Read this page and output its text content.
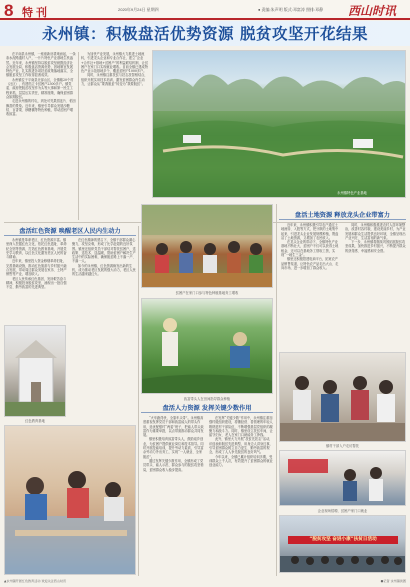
8 特刊	2020年9月24日 星期四	● 责编:朱声明 版式:邓富涛 照排:邓静 西山时讯
永州镇：积极盘活优势资源 脱贫攻坚开花结果

在平南县永州镇，一座座新房拔地而起，一条条水泥路通村入户，一片片特色产业基地生机盎然。近年来，永州镇坚持以脱贫攻坚统揽经济社会发展全局，积极盘活资源优势，因地制宜发展特色产业，扎实推进各项扶贫政策落地落实，全镇脱贫攻坚工作取得显著成效。

永州镇位于平南县北部山区，全镇辖20个村（社区），有建档立卡贫困户2300多户。镇党委、政府把脱贫攻坚作为头等大事和第一民生工程来抓，层层压实责任，精准施策，确保贫困群众如期脱贫。

走进永州镇的村屯，到处可见果园连片、稻田飘香的景象。近年来，镇里引导群众发展沙糖桔、百香果、砂糖橘等特色种植，带动贫困户增收致富。

为加快产业发展，永州镇大力推进土地流转，引进龙头企业和专业合作社，建立“企业+合作社+基地+贫困户”的利益联结机制，让贫困户在家门口实现就业增收。目前全镇已建成特色产业示范基地多个，覆盖贫困户1000多户。

同时，永州镇注重扶贫与扶志扶智相结合，组织开展实用技术培训，激发贫困群众内生动力，让群众从“要我脱贫”转变为“我要脱贫”。

永州镇特色产业基地
盘活红色资源 唤醒老区人民内生动力

永州镇是革命老区，红色资源丰富。镇里深入挖掘红色文化，依托红色遗址、革命纪念馆等资源，打造红色教育基地，开展党史学习教育，以红色文化激发老区人民的奋斗精神。

近年来，镇里投入资金修缮革命旧址，完善基础设施，推动红色旅游与乡村振兴融合发展，带动周边群众发展农家乐、土特产销售等产业，增加收入。

老区人民传承红色基因，发扬艰苦奋斗精神，积极投身脱贫攻坚，涌现出一批自强不息、勤劳致富的先进典型。

在红色精神的感召下，全镇干部群众凝心聚力，攻坚克难，形成了比学赶超的良好氛围。镇里还组织党员干部结对帮扶贫困户，送政策、送技术、送温暖，帮助贫困户解决生产生活中的实际困难，确保脱贫路上不落一户、不落一人。

如今的永州镇，红色资源焕发出新的生机，成为推动老区发展的强大动力，老区人民的生活越来越红火。

红色教育基地
▲永州镇开展红色教育活动 欢迎关注西山时讯
贫困户在家门口参与特色种植基地务工增收
致富带头人在田间指导群众种植
盘活人力资源 发挥关键少数作用

“火车跑得快，全靠车头带”。永州镇高度重视发挥党员干部和致富能人的带头作用，选优配强村“两委”班子，把能人带头致富作为重要举措，以点带面推动群众共同发展。

镇里积极培育致富带头人，鼓励返乡创业，为贫困户提供就业岗位和技术指导。同时开展技能培训，提升劳动力素质，引导富余劳动力外出务工，实现“一人就业、全家脱贫”。

通过发挥关键少数作用，全镇形成了党员带头、能人示范、群众参与的脱贫攻坚格局，贫困群众收入稳步提高。

在发挥“关键少数”作用中，永州镇注重加强村级组织建设，将懂经营、善管理的年轻人吸纳进村干部队伍，不断增强基层党组织的凝聚力和战斗力。同时，镇里设立扶贫车间，让留守妇女、老人在家门口就能务工挣钱。

此外，镇里大力开展“扶贫先扶志”活动，评选表彰脱贫先进典型，用身边人讲身边事，引导贫困群众树立自力更生、勤劳致富的观念，形成了人人争先脱贫的良好风气。

今年以来，全镇已累计组织培训多期，受训群众上千人次，有效提升了贫困群众的就业创业能力。

盘活土地资源 释放龙头企业带富力

近年来，永州镇积极引导农户通过土地流转、入股等方式，把分散的土地集中起来，引进龙头企业发展规模种植，既盘活了土地资源，又增加了农民收入。

在龙头企业的带动下，全镇特色产业基地不断壮大，贫困户不仅可以获得土地租金，还可以在基地务工领取工资，实现“一地生三金”。

镇里还积极搭建电商平台，拓宽农产品销售渠道，让特色农产品走出大山、走向市场，进一步增加了群众收入。

同时，永州镇积极推进农村人居环境整治，改善村容村貌，建设美丽乡村，为产业发展和群众生活提供良好环境，全镇呈现出产业兴旺、生活富裕的新气象。

下一步，永州镇将继续巩固拓展脱贫攻坚成果，加快推进乡村振兴，不断提升群众的获得感、幸福感和安全感。

镇村干部入户走访帮扶
企业现场招聘，贫困户家门口就业
“脱贫攻坚 奋进小康”扶贫日活动
●记者 永州镇供图
